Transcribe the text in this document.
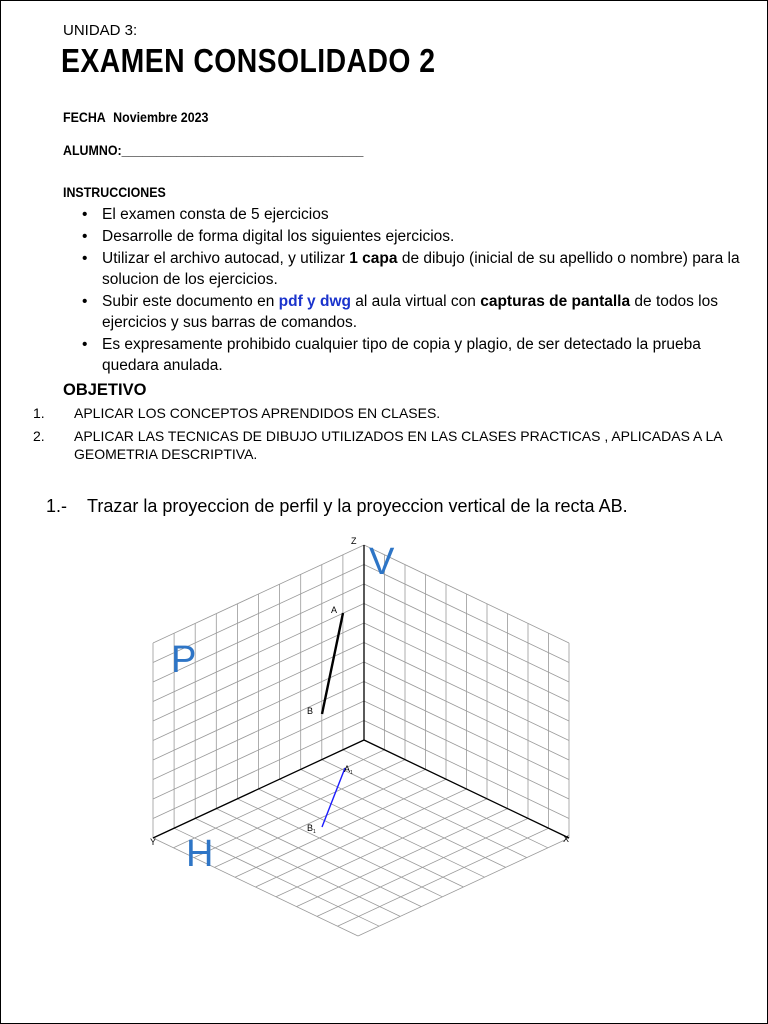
UNIDAD 3:
EXAMEN CONSOLIDADO 2
FECHA Noviembre 2023
ALUMNO:___________________________________
INSTRUCCIONES
• El examen consta de 5 ejercicios
• Desarrolle de forma digital los siguientes ejercicios.
• Utilizar el archivo autocad, y utilizar 1 capa de dibujo (inicial de su apellido o nombre) para la solucion de los ejercicios.
• Subir este documento en pdf y dwg al aula virtual con capturas de pantalla de todos los ejercicios y sus barras de comandos.
• Es expresamente prohibido cualquier tipo de copia y plagio, de ser detectado la prueba quedara anulada.
OBJETIVO
1. APLICAR LOS CONCEPTOS APRENDIDOS EN CLASES.
2. APLICAR LAS TECNICAS DE DIBUJO UTILIZADOS EN LAS CLASES PRACTICAS , APLICADAS A LA GEOMETRIA DESCRIPTIVA.
1.- Trazar la proyeccion de perfil y la proyeccion vertical de la recta AB.
V
P
H
Z
X
Y
A
B
$A_1$
$B_1$
